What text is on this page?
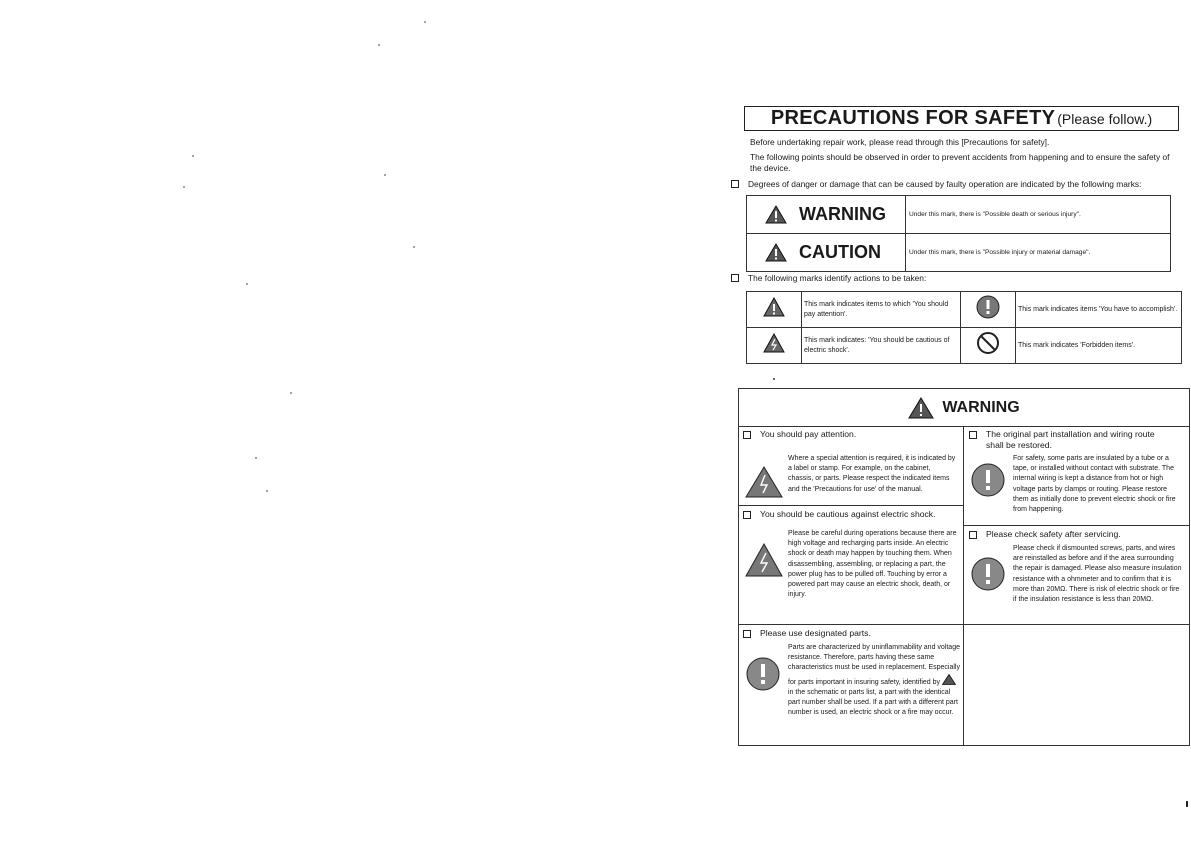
PRECAUTIONS FOR SAFETY (Please follow.)
Before undertaking repair work, please read through this [Precautions for safety].
The following points should be observed in order to prevent accidents from happening and to ensure the safety of the device.
Degrees of danger or damage that can be caused by faulty operation are indicated by the following marks:
WARNING	Under this mark, there is "Possible death or serious injury".

CAUTION	Under this mark, there is "Possible injury or material damage".
The following marks identify actions to be taken:
	This mark indicates items to which 'You should pay attention'.		This mark indicates items 'You have to accomplish'.
	This mark indicates: 'You should be cautious of electric shock'.		This mark indicates 'Forbidden items'.
WARNING
You should pay attention.
Where a special attention is required, it is indicated by a label or stamp. For example, on the cabinet, chassis, or parts. Please respect the indicated items and the 'Precautions for use' of the manual.
You should be cautious against electric shock.
Please be careful during operations because there are high voltage and recharging parts inside. An electric shock or death may happen by touching them. When disassembling, assembling, or replacing a part, the power plug has to be pulled off. Touching by error a powered part may cause an electric shock, death, or injury.
Please use designated parts.
Parts are characterized by uninflammability and voltage resistance. Therefore, parts having these same characteristics must be used in replacement. Especially for parts important in insuring safety, identified by  in the schematic or parts list, a part with the identical part number shall be used. If a part with a different part number is used, an electric shock or a fire may occur.
The original part installation and wiring route shall be restored.
For safety, some parts are insulated by a tube or a tape, or installed without contact with substrate. The internal wiring is kept a distance from hot or high voltage parts by clamps or routing. Please restore them as initially done to prevent electric shock or fire from happening.
Please check safety after servicing.
Please check if dismounted screws, parts, and wires are reinstalled as before and if the area surrounding the repair is damaged. Please also measure insulation resistance with a ohmmeter and to confirm that it is more than 20MΩ. There is risk of electric shock or fire if the insulation resistance is less than 20MΩ.
